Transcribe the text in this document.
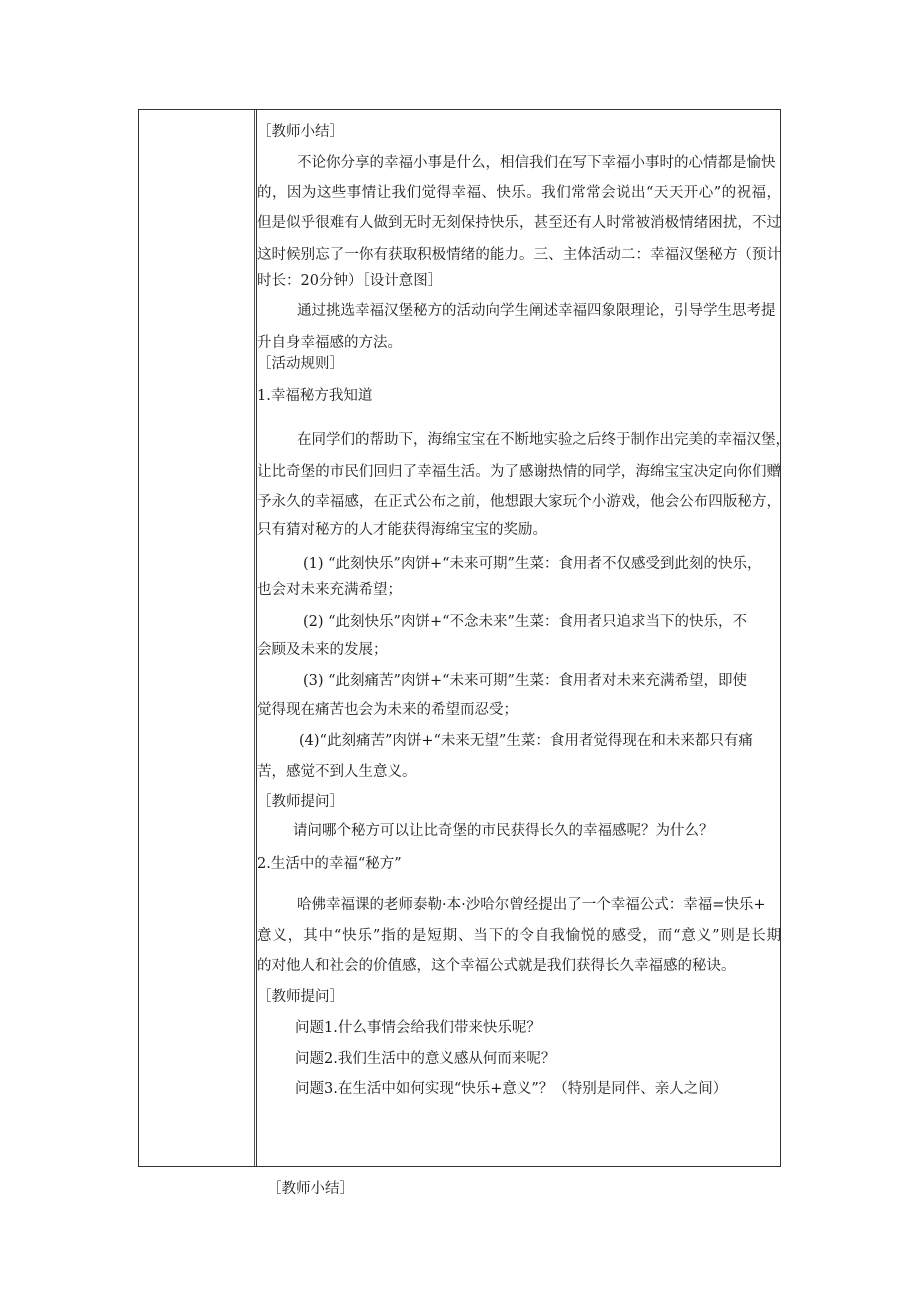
［教师小结］
不论你分享的幸福小事是什么，相信我们在写下幸福小事时的心情都是愉快
的，因为这些事情让我们觉得幸福、快乐。我们常常会说出“天天开心”的祝福，
但是似乎很难有人做到无时无刻保持快乐，甚至还有人时常被消极情绪困扰，不过
这时候别忘了一你有获取积极情绪的能力。三、主体活动二：幸福汉堡秘方（预计
时长：20分钟）［设计意图］
通过挑选幸福汉堡秘方的活动向学生阐述幸福四象限理论，引导学生思考提
升自身幸福感的方法。
［活动规则］
1.幸福秘方我知道
在同学们的帮助下，海绵宝宝在不断地实验之后终于制作出完美的幸福汉堡，
让比奇堡的市民们回归了幸福生活。为了感谢热情的同学，海绵宝宝决定向你们赠
予永久的幸福感，在正式公布之前，他想跟大家玩个小游戏，他会公布四版秘方，
只有猜对秘方的人才能获得海绵宝宝的奖励。
(1) “此刻快乐”肉饼+“未来可期”生菜：食用者不仅感受到此刻的快乐，
也会对未来充满希望；
(2) “此刻快乐”肉饼+“不念未来”生菜：食用者只追求当下的快乐，不
会顾及未来的发展；
(3) “此刻痛苦”肉饼+“未来可期”生菜：食用者对未来充满希望，即使
觉得现在痛苦也会为未来的希望而忍受；
(4)“此刻痛苦”肉饼+“未来无望”生菜：食用者觉得现在和未来都只有痛
苦，感觉不到人生意义。
［教师提问］
请问哪个秘方可以让比奇堡的市民获得长久的幸福感呢？为什么？
2.生活中的幸福“秘方”
哈佛幸福课的老师泰勒·本·沙哈尔曾经提出了一个幸福公式：幸福=快乐+
意义，其中“快乐”指的是短期、当下的令自我愉悦的感受，而“意义”则是长期
的对他人和社会的价值感，这个幸福公式就是我们获得长久幸福感的秘诀。
［教师提问］
问题1.什么事情会给我们带来快乐呢？
问题2.我们生活中的意义感从何而来呢？
问题3.在生活中如何实现“快乐+意义”？（特别是同伴、亲人之间）
［教师小结］
